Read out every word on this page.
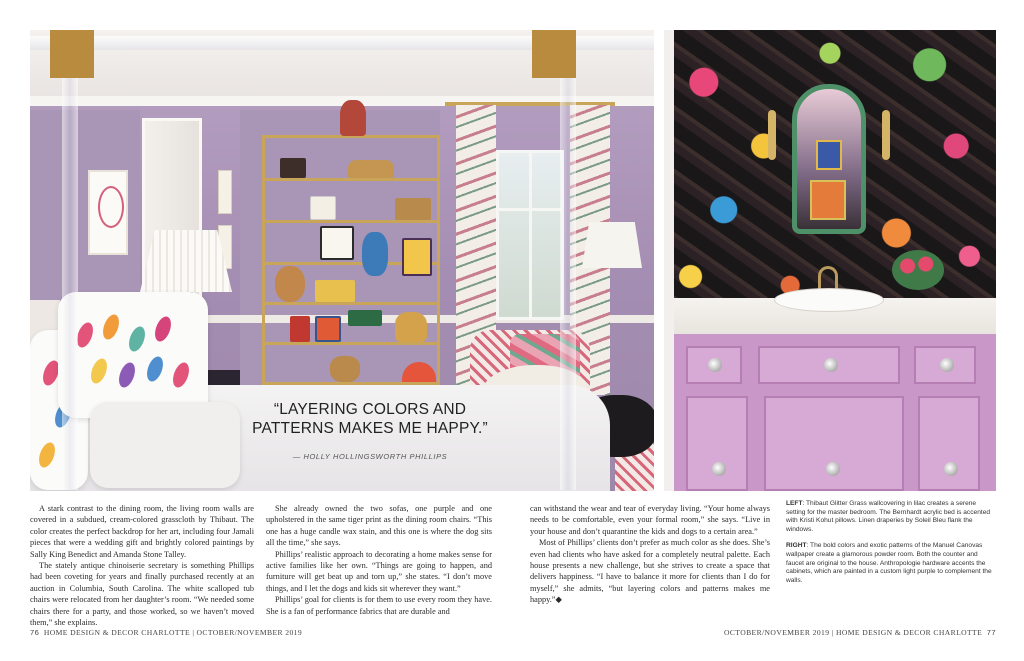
“LAYERING COLORS AND PATTERNS MAKES ME HAPPY.”
— HOLLY HOLLINGSWORTH PHILLIPS

A stark contrast to the dining room, the living room walls are covered in a subdued, cream-colored grasscloth by Thibaut. The color creates the perfect backdrop for her art, including four Jamali pieces that were a wedding gift and brightly colored paintings by Sally King Benedict and Amanda Stone Talley.

The stately antique chinoiserie secretary is something Phillips had been coveting for years and finally purchased recently at an auction in Columbia, South Carolina. The white scalloped tub chairs were relocated from her daughter’s room. “We needed some chairs there for a party, and those worked, so we haven’t moved them,” she explains.

She already owned the two sofas, one purple and one upholstered in the same tiger print as the dining room chairs. “This one has a huge candle wax stain, and this one is where the dog sits all the time,” she says.

Phillips’ realistic approach to decorating a home makes sense for active families like her own. “Things are going to happen, and furniture will get beat up and torn up,” she states. “I don’t move things, and I let the dogs and kids sit wherever they want.”

Phillips’ goal for clients is for them to use every room they have. She is a fan of performance fabrics that are durable and

can withstand the wear and tear of everyday living. “Your home always needs to be comfortable, even your formal room,” she says. “Live in your house and don’t quarantine the kids and dogs to a certain area.”

Most of Phillips’ clients don’t prefer as much color as she does. She’s even had clients who have asked for a completely neutral palette. Each house presents a new challenge, but she strives to create a space that delivers happiness. “I have to balance it more for clients than I do for myself,” she admits, “but layering colors and patterns makes me happy.”◆

LEFT: Thibaut Glitter Grass wallcovering in lilac creates a serene setting for the master bedroom. The Bernhardt acrylic bed is accented with Kristi Kohut pillows. Linen draperies by Soleil Bleu flank the windows.

RIGHT: The bold colors and exotic patterns of the Manuel Canovas wallpaper create a glamorous powder room. Both the counter and faucet are original to the house. Anthropologie hardware accents the cabinets, which are painted in a custom light purple to complement the walls.

76 HOME DESIGN & DECOR CHARLOTTE | OCTOBER/NOVEMBER 2019	OCTOBER/NOVEMBER 2019 | HOME DESIGN & DECOR CHARLOTTE 77
